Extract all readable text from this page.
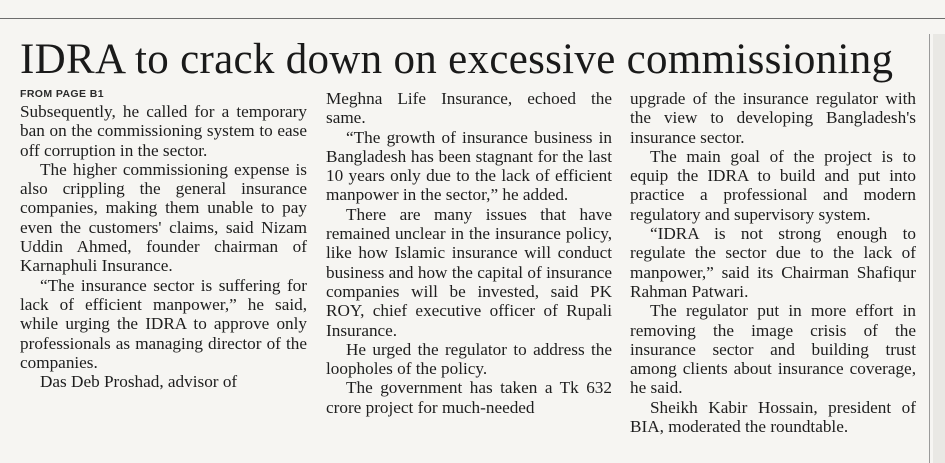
IDRA to crack down on excessive commissioning
FROM PAGE B1

Subsequently, he called for a temporary ban on the commissioning system to ease off corruption in the sector.

The higher commissioning expense is also crippling the general insurance companies, making them unable to pay even the customers' claims, said Nizam Uddin Ahmed, founder chairman of Karnaphuli Insurance.

“The insurance sector is suffering for lack of efficient manpower,” he said, while urging the IDRA to approve only professionals as managing director of the companies.

Das Deb Proshad, advisor of

Meghna Life Insurance, echoed the same.

“The growth of insurance business in Bangladesh has been stagnant for the last 10 years only due to the lack of efficient manpower in the sector,” he added.

There are many issues that have remained unclear in the insurance policy, like how Islamic insurance will conduct business and how the capital of insurance companies will be invested, said PK ROY, chief executive officer of Rupali Insurance.

He urged the regulator to address the loopholes of the policy.

The government has taken a Tk 632 crore project for much-needed

upgrade of the insurance regulator with the view to developing Bangladesh's insurance sector.

The main goal of the project is to equip the IDRA to build and put into practice a professional and modern regulatory and supervisory system.

“IDRA is not strong enough to regulate the sector due to the lack of manpower,” said its Chairman Shafiqur Rahman Patwari.

The regulator put in more effort in removing the image crisis of the insurance sector and building trust among clients about insurance coverage, he said.

Sheikh Kabir Hossain, president of BIA, moderated the roundtable.
